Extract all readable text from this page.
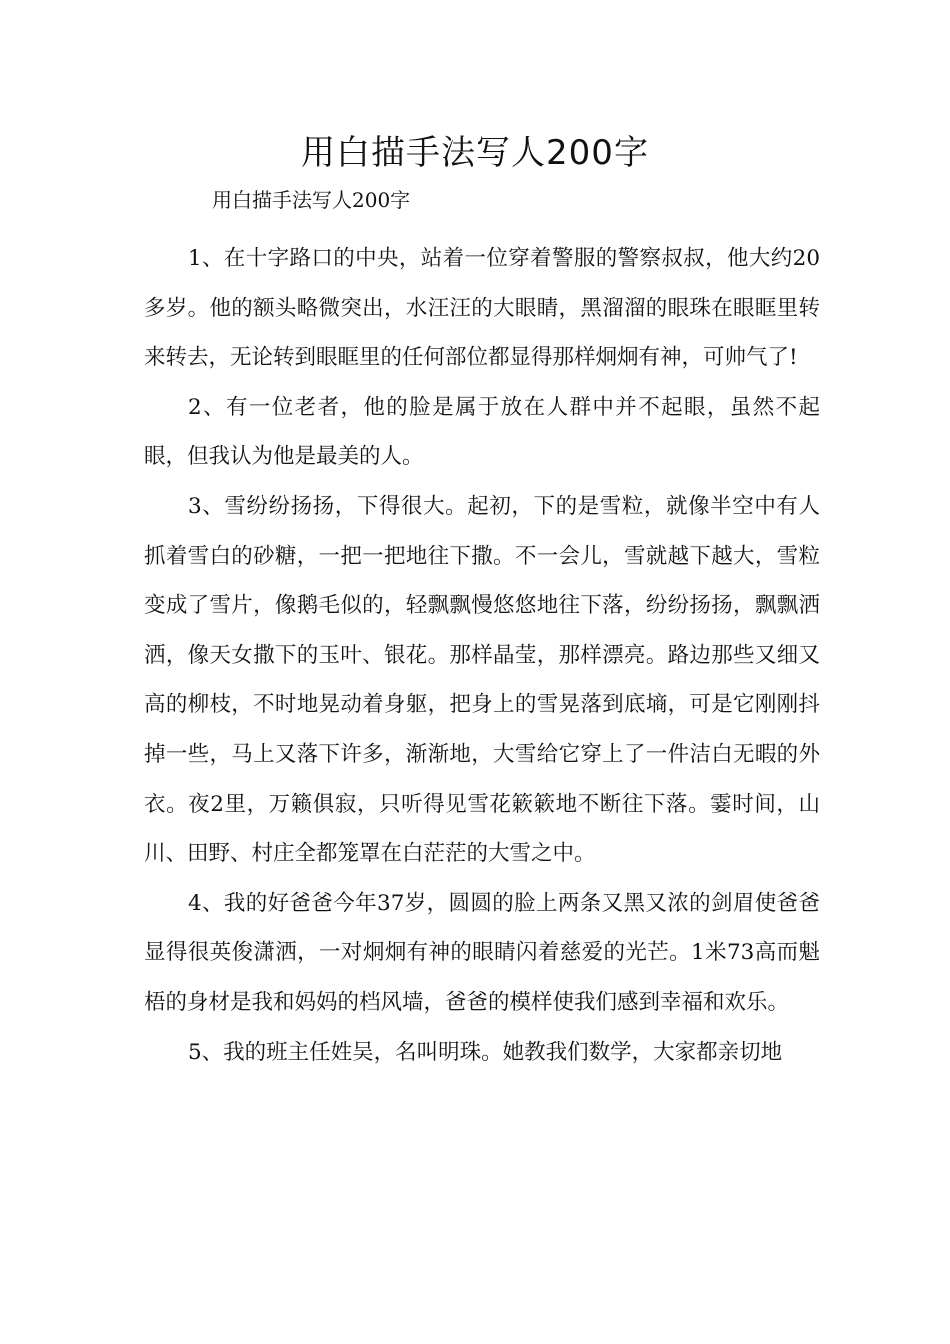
用白描手法写人200字

用白描手法写人200字

1、在十字路口的中央，站着一位穿着警服的警察叔叔，他大约20多岁。他的额头略微突出，水汪汪的大眼睛，黑溜溜的眼珠在眼眶里转来转去，无论转到眼眶里的任何部位都显得那样炯炯有神，可帅气了!

2、有一位老者，他的脸是属于放在人群中并不起眼，虽然不起眼，但我认为他是最美的人。

3、雪纷纷扬扬，下得很大。起初，下的是雪粒，就像半空中有人抓着雪白的砂糖，一把一把地往下撒。不一会儿，雪就越下越大，雪粒变成了雪片，像鹅毛似的，轻飘飘慢悠悠地往下落，纷纷扬扬，飘飘洒洒，像天女撒下的玉叶、银花。那样晶莹，那样漂亮。路边那些又细又高的柳枝，不时地晃动着身躯，把身上的雪晃落到底墒，可是它刚刚抖掉一些，马上又落下许多，渐渐地，大雪给它穿上了一件洁白无暇的外衣。夜2里，万籁俱寂，只听得见雪花簌簌地不断往下落。霎时间，山川、田野、村庄全都笼罩在白茫茫的大雪之中。

4、我的好爸爸今年37岁，圆圆的脸上两条又黑又浓的剑眉使爸爸显得很英俊潇洒，一对炯炯有神的眼睛闪着慈爱的光芒。1米73高而魁梧的身材是我和妈妈的档风墙，爸爸的模样使我们感到幸福和欢乐。

5、我的班主任姓吴，名叫明珠。她教我们数学，大家都亲切地
